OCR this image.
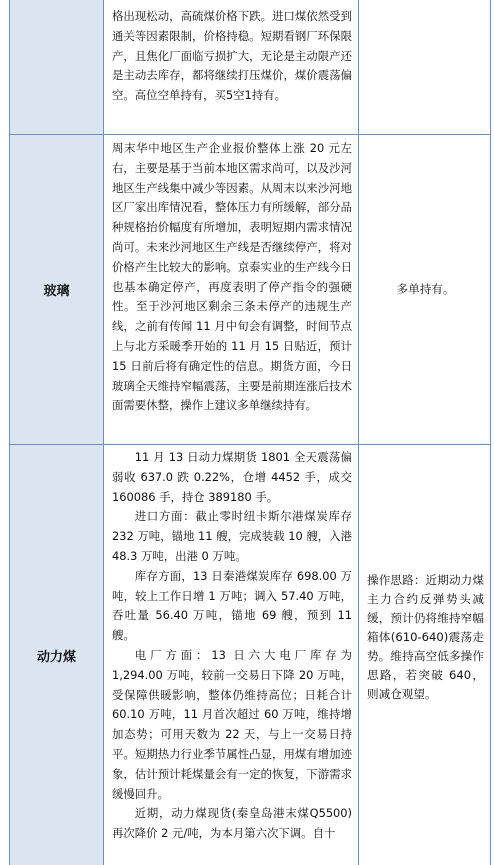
格出现松动，高硫煤价格下跌。进口煤依然受到通关等因素限制，价格持稳。短期看钢厂环保限产，且焦化厂面临亏损扩大，无论是主动限产还是主动去库存，都将继续打压煤价，煤价震荡偏空。高位空单持有，买5空1持有。

玻璃

周末华中地区生产企业报价整体上涨 20 元左右，主要是基于当前本地区需求尚可，以及沙河地区生产线集中减少等因素。从周末以来沙河地区厂家出库情况看，整体压力有所缓解，部分品种规格抬价幅度有所增加，表明短期内需求情况尚可。未来沙河地区生产线是否继续停产，将对价格产生比较大的影响。京泰实业的生产线今日也基本确定停产，再度表明了停产指令的强硬性。至于沙河地区剩余三条未停产的违规生产线，之前有传闻 11 月中旬会有调整，时间节点上与北方采暖季开始的 11 月 15 日贴近，预计 15 日前后将有确定性的信息。期货方面，今日玻璃全天维持窄幅震荡，主要是前期连涨后技术面需要休整，操作上建议多单继续持有。

多单持有。

动力煤

11 月 13 日动力煤期货 1801 全天震荡偏弱收 637.0 跌 0.22%，仓增 4452 手，成交 160086 手，持仓 389180 手。

进口方面：截止零时纽卡斯尔港煤炭库存 232 万吨，锚地 11 艘，完成装载 10 艘，入港 48.3 万吨，出港 0 万吨。

库存方面，13 日秦港煤炭库存 698.00 万吨，较上工作日增 1 万吨；调入 57.40 万吨，吞吐量 56.40 万吨，锚地 69 艘，预到 11 艘。

电厂方面：13 日六大电厂库存为 1,294.00 万吨，较前一交易日下降 20 万吨，受保障供暖影响，整体仍维持高位；日耗合计 60.10 万吨，11 月首次超过 60 万吨，维持增加态势；可用天数为 22 天，与上一交易日持平。短期热力行业季节属性凸显，用煤有增加迹象，估计预计耗煤量会有一定的恢复，下游需求缓慢回升。

近期，动力煤现货(秦皇岛港末煤Q5500)再次降价 2 元/吨，为本月第六次下调。自十

操作思路：近期动力煤主力合约反弹势头减缓，预计仍将维持窄幅箱体(610-640)震荡走势。维持高空低多操作思路，若突破 640，则减仓观望。
